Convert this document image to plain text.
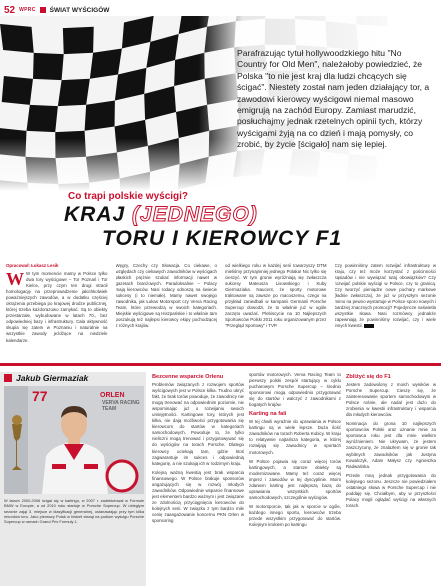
52 WPRC ŚWIAT WYŚCIGÓW
Parafrazując tytuł hollywoodzkiego hitu "No Country for Old Men", należałoby powiedzieć, że Polska "to nie jest kraj dla ludzi chcących się ścigać". Niestety został nam jeden działający tor, a zawodowi kierowcy wyścigowi niemal masowo emigrują na zachód Europy. Zamiast marudzić, posłuchajmy jednak rzetelnych opinii tych, którzy wyścigami żyją na co dzień i mają pomysły, co zrobić, by życie [ścigało] nam się lepiej.
Co trapi polskie wyścigi?
KRAJ (JEDNEGO)
TORU I KIEROWCY F1
Opracował: Łukasz Lesik
W W tym momencie mamy w Polsce tylko dwa tory wyścigowe – Tor Poznań i Tor Kielce, przy czym ten drugi stracił homologację na przeprowadzenie jakichkolwiek poważniejszych zawodów, a w dodatku częściej okrążenia przebiega po krajowej drodze publicznej, której trzeba każdorazowo zamykać. Są to obiekty przestarzałe, wybudowane w latach 70., bez odpowiedniej bazy i infrastruktury. Cała aktywność skupia się zatem w Poznaniu i naturalnie na wszystkie zawody jeżdżące na niedziele kalendarze.
Węgry, Czechy czy Słowacja. Co ciekawe, o względach czy ciekawych zawodników w wyścigach płaskich prężnie szukać informacji nawet w gazetach branżowych. Paradoksalnie – Polacy mają kierowców. Nasi rodacy odnoszą na świecie sukcesy (i to niemałe). Mamy nawet swojego zawodnika, jak Łukas Motorsport czy Verva Racing Team, które przewodzą w swoich kategoriach. Miejskie wyścigowe są Hiszpańskie i to właśnie tam poszukują też najlepsi kierowcy ekipy pochodzącej z różnych krajów.
od wielkiego roku w każdej serii towarzyszy DTM mieliśmy przynajmniej jednego Polaka! Nic tylko się cieszyć. W tym gronie wyróżniają się zwłaszcza sukcesy Mateusza Lisowskiego i Kuby Giermaziaka. Naucent, że sporty motorowe traktowane są zawsze po macoszemu, czego na przykład zaniedbali w kampanii Germanii Porsche Supercup dowodzi, że to właśnie już w ogóle zaczęto uważać. Plebiscycie na 10 Najlepszych Sportowców Polski 2011 roku organizowanym przez "Przegląd Sportowy" i TVP.
Czy powinniśmy zatem rozwijać infrastrukturę w kraju, czy też może korzystać z gościnności sąsiadów i nie wywiązać tutaj obowiązków? Czy rozwijać polskie wyścigi w Polsce, czy to granicą. Czy tworzyć pieniądze nowe puchary markowe (ładnie zwłaszcza), że już w przyszłym sezonie mimo na pewno wystartuje w Polsce sporo nowych i bardziej znacznych promocji? Pojedyncze naświetla wszystkie słowa. Nasi rozmówcy jednakże zapewniają że powinniśmy rozwijać, czy i wiele innych kwestii.
Jakub Giermaziak
77	ORLEN
VERVA RACING TEAM
W latach 2000-2006 ścigał się w kartingu, w 2007 r. zadebiutował w Formule BMW w Europie, a od 2010 roku startuje w Porsche Supercup. W ubiegłym sezonie zajął 3. miejsce w klasyfikacji generalnej, ustanawiając przy tym kilka rekordów toru. Jako pierwszy Polak w historii stanął na podium wyścigu Porsche Supercup w ramach Grand Prix Formuły 1.
Bezcenne wsparcie Orlenu

Problemów związanych z rozwojem sportów wyścigowych jest w Polsce kilka. Trudno ukryć fakt, że brak torów powoduje, że zawodnicy nie mogą trenować na odpowiednim poziomie, nie wspominając już o rozwijaniu swoich umiejętności. Kartingowe tory, których jest kilka, nie dają możliwości przygotowania się kierowcom do startów w kategoriach samochodowych. Powoduje to, że tylko nieliczni mogą trenować i przygotowywać się do wyścigów na torach Porsche. Dlatego kierowcy uciekają tam, gdzie ktoś zagwarantuje im sukces i odpowiednią kategorię, a nie szukają ich w rodzimym kraju.

Kolejną ważną kwestią jest brak wsparcia finansowego. W Polsce brakuje sponsorów angażujących się w rozwój młodych zawodników. Odpowiednie wsparcie finansowe jest elementem bardzo ważnym i jest związane ze zdolnością przyciągnięcia kierowców do kolejnych serii. W związku z tym bardzo mile cenię zaangażowanie koncernu PKN Orlen w sponsoring

sportów motorowych. Verva Racing Team to pierwszy polski zespół startujący w cyklu pucharowym Porsche Supercup – średnio sponsorowi mogą odpowiednio przygotować się do startów i walczyć z zawodnikami z bogatych krajów.

Karting na fali

W tej chwili wyraźnie do uprawiania w Polsce kartingu są w wiele lepsze. Duża ilość zawodników na torach Roberta Kubicy. W kraju to relatywnie najtańsza kategoria, w której rozwijają się zawodnicy w sportach motorowych.

W Polsce pojawia się coraz więcej torów kartingowych, a starsze obiekty są modernizowane. Mamy też coraz więcej imprez i zawodów w tej dyscyplinie. Moim zdaniem karting jest najlepszą bazą do uprawiania wszystkich sportów samochodowych, szczególnie wyścigów.

W motorsporcie, tak jak w sporcie w ogóle, każdego innego sportu, kierowców trzeba przede wszystkim przygotować do startów. Kolejnym krokiem po kartingu

Zbliżyć się do F1

Jestem zadowolony z moich wyników w Porsche Supercup. Cieszę się, że zainteresowanie sportem samochodowym w Polsce rośnie, ale nadal jest dużo do zrobienia w kwestii infrastruktury i wsparcia dla młodych kierowców.

Nominacja do grona 10 najlepszych sportowców Polski oraz uznanie mnie za sportowca roku jest dla mnie wielkim wyróżnieniem. Nie ukrywam, że jestem zaszczycony, że znalazłem się w gronie tak wybitnych zawodników jak Justyna Kowalczyk, Adam Małysz czy Agnieszka Radwańska.

Przede mną jednak przygotowania do kolejnego sezonu. Jeszcze nie powiedziałem ostatniego słowa w Porsche Supercup i nie poddaję się. Chciałbym, aby w przyszłości Polacy mogli oglądać wyścigi na własnych torach.
